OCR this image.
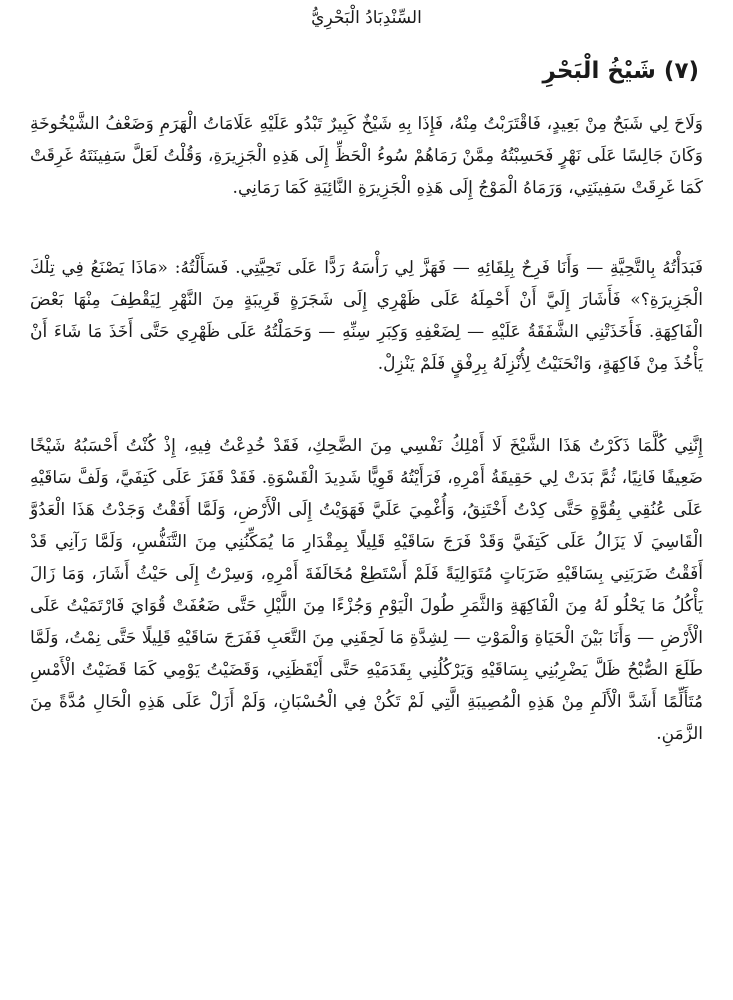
السِّنْدِبَادُ الْبَحْرِيُّ
(٧) شَيْخُ الْبَحْرِ

وَلَاحَ لِي شَبَحٌ مِنْ بَعِيدٍ، فَاقْتَرَبْتُ مِنْهُ، فَإِذَا بِهِ شَيْخٌ كَبِيرٌ تَبْدُو عَلَيْهِ عَلَامَاتُ الْهَرَمِ وَضَعْفُ الشَّيْخُوخَةِ وَكَانَ جَالِسًا عَلَى نَهْرٍ فَحَسِبْتُهُ مِمَّنْ رَمَاهُمْ سُوءُ الْحَظِّ إِلَى هَذِهِ الْجَزِيرَةِ، وَقُلْتُ لَعَلَّ سَفِينَتَهُ غَرِقَتْ كَمَا غَرِقَتْ سَفِينَتِي، وَرَمَاهُ الْمَوْجُ إِلَى هَذِهِ الْجَزِيرَةِ النَّائِيَةِ كَمَا رَمَانِي.

فَبَدَأْتُهُ بِالتَّحِيَّةِ — وَأَنَا فَرِحٌ بِلِقَائِهِ — فَهَزَّ لِي رَأْسَهُ رَدًّا عَلَى تَحِيَّتِي. فَسَأَلْتُهُ: «مَاذَا يَصْنَعُ فِي تِلْكَ الْجَزِيرَةِ؟» فَأَشَارَ إِلَيَّ أَنْ أَحْمِلَهُ عَلَى ظَهْرِي إِلَى شَجَرَةٍ قَرِيبَةٍ مِنَ النَّهْرِ لِيَقْطِفَ مِنْهَا بَعْضَ الْفَاكِهَةِ. فَأَخَذَتْنِي الشَّفَقَةُ عَلَيْهِ — لِضَعْفِهِ وَكِبَرِ سِنِّهِ — وَحَمَلْتُهُ عَلَى ظَهْرِي حَتَّى أَخَذَ مَا شَاءَ أَنْ يَأْخُذَ مِنْ فَاكِهَةٍ، وَانْحَنَيْتُ لِأُنْزِلَهُ بِرِفْقٍ فَلَمْ يَنْزِلْ.

إِنَّنِي كُلَّمَا ذَكَرْتُ هَذَا الشَّيْخَ لَا أَمْلِكُ نَفْسِي مِنَ الضَّحِكِ، فَقَدْ خُدِعْتُ فِيهِ، إِذْ كُنْتُ أَحْسَبُهُ شَيْخًا ضَعِيفًا فَانِيًا، ثُمَّ بَدَتْ لِي حَقِيقَةُ أَمْرِهِ، فَرَأَيْتُهُ قَوِيًّا شَدِيدَ الْقَسْوَةِ. فَقَدْ قَفَزَ عَلَى كَتِفَيَّ، وَلَفَّ سَاقَيْهِ عَلَى عُنُقِي بِقُوَّةٍ حَتَّى كِدْتُ أَخْتَنِقُ، وَأُغْمِيَ عَلَيَّ فَهَوَيْتُ إِلَى الْأَرْضِ، وَلَمَّا أَفَقْتُ وَجَدْتُ هَذَا الْعَدُوَّ الْقَاسِيَ لَا يَزَالُ عَلَى كَتِفَيَّ وَقَدْ فَرَجَ سَاقَيْهِ قَلِيلًا بِمِقْدَارِ مَا يُمَكِّنُنِي مِنَ التَّنَفُّسِ، وَلَمَّا رَآنِي قَدْ أَفَقْتُ ضَرَبَنِي بِسَاقَيْهِ ضَرَبَاتٍ مُتَوَالِيَةً فَلَمْ أَسْتَطِعْ مُخَالَفَةَ أَمْرِهِ، وَسِرْتُ إِلَى حَيْثُ أَشَارَ، وَمَا زَالَ يَأْكُلُ مَا يَحْلُو لَهُ مِنَ الْفَاكِهَةِ وَالثَّمَرِ طُولَ الْيَوْمِ وَجُزْءًا مِنَ اللَّيْلِ حَتَّى ضَعُفَتْ قُوَايَ فَارْتَمَيْتُ عَلَى الْأَرْضِ — وَأَنَا بَيْنَ الْحَيَاةِ وَالْمَوْتِ — لِشِدَّةِ مَا لَحِقَنِي مِنَ التَّعَبِ فَفَرَجَ سَاقَيْهِ قَلِيلًا حَتَّى نِمْتُ، وَلَمَّا طَلَعَ الصُّبْحُ ظَلَّ يَضْرِبُنِي بِسَاقَيْهِ وَيَرْكُلُنِي بِقَدَمَيْهِ حَتَّى أَيْقَظَنِي، وَقَضَيْتُ يَوْمِي كَمَا قَضَيْتُ الْأَمْسِ مُتَأَلِّمًا أَشَدَّ الْأَلَمِ مِنْ هَذِهِ الْمُصِيبَةِ الَّتِي لَمْ تَكُنْ فِي الْحُسْبَانِ، وَلَمْ أَزَلْ عَلَى هَذِهِ الْحَالِ مُدَّةً مِنَ الزَّمَنِ.
